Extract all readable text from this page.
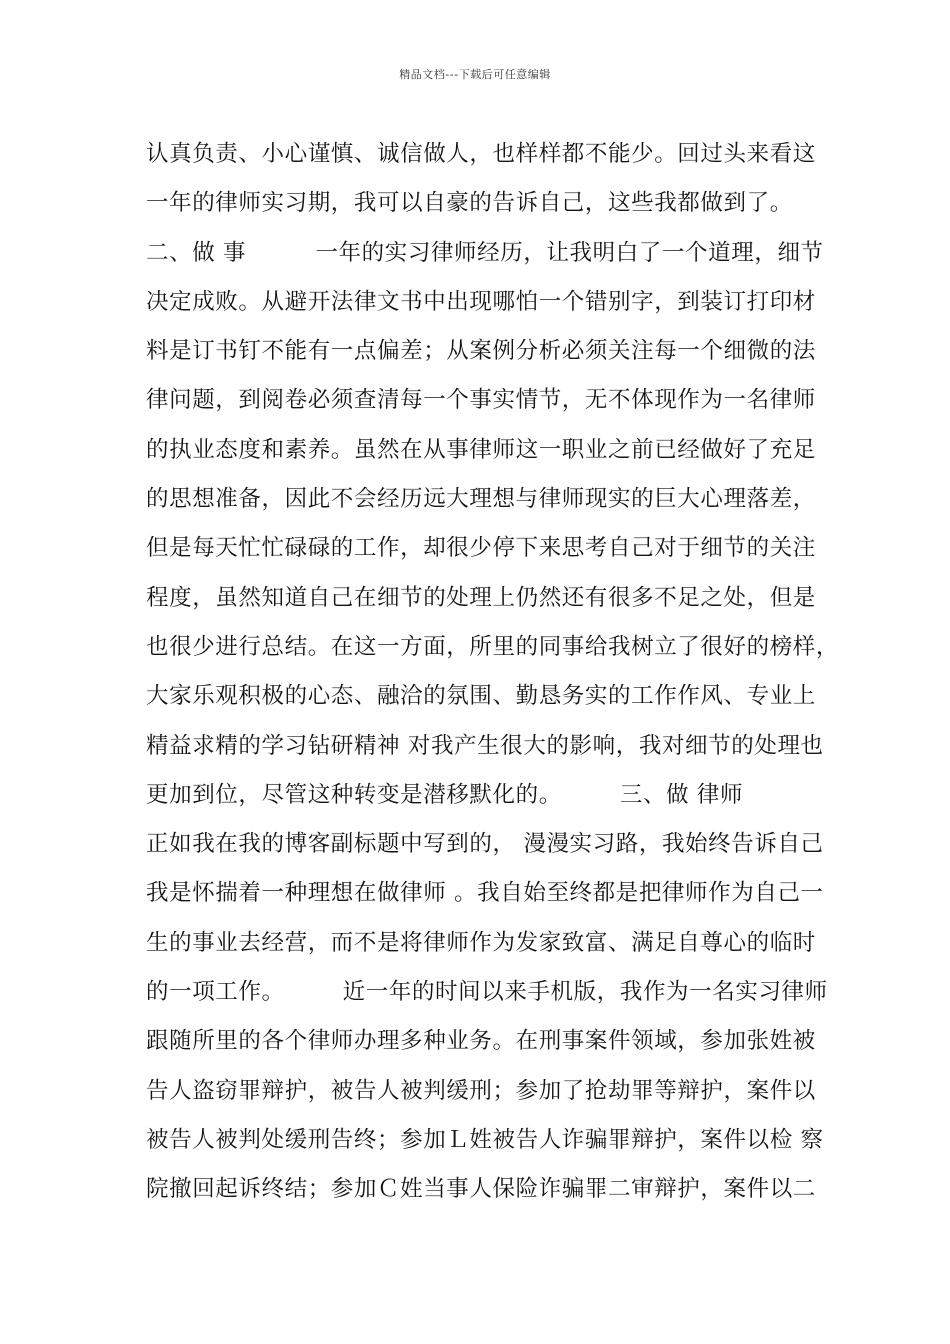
精品文档---下载后可任意编辑
认真负责、小心谨慎、诚信做人，也样样都不能少。回过头来看这
一年的律师实习期，我可以自豪的告诉自己，这些我都做到了。
二、做 事　　　一年的实习律师经历，让我明白了一个道理，细节
决定成败。从避开法律文书中出现哪怕一个错别字，到装订打印材
料是订书钉不能有一点偏差；从案例分析必须关注每一个细微的法
律问题，到阅卷必须查清每一个事实情节，无不体现作为一名律师
的执业态度和素养。虽然在从事律师这一职业之前已经做好了充足
的思想准备，因此不会经历远大理想与律师现实的巨大心理落差，
但是每天忙忙碌碌的工作，却很少停下来思考自己对于细节的关注
程度，虽然知道自己在细节的处理上仍然还有很多不足之处，但是
也很少进行总结。在这一方面，所里的同事给我树立了很好的榜样，
大家乐观积极的心态、融洽的氛围、勤恳务实的工作作风、专业上
精益求精的学习钻研精神 对我产生很大的影响，我对细节的处理也
更加到位，尽管这种转变是潜移默化的。　　　三、做 律师
正如我在我的博客副标题中写到的， 漫漫实习路，我始终告诉自己
我是怀揣着一种理想在做律师 。我自始至终都是把律师作为自己一
生的事业去经营，而不是将律师作为发家致富、满足自尊心的临时
的一项工作。　　　近一年的时间以来手机版，我作为一名实习律师
跟随所里的各个律师办理多种业务。在刑事案件领域，参加张姓被
告人盗窃罪辩护，被告人被判缓刑；参加了抢劫罪等辩护，案件以
被告人被判处缓刑告终；参加Ｌ姓被告人诈骗罪辩护，案件以检 察
院撤回起诉终结；参加Ｃ姓当事人保险诈骗罪二审辩护，案件以二
